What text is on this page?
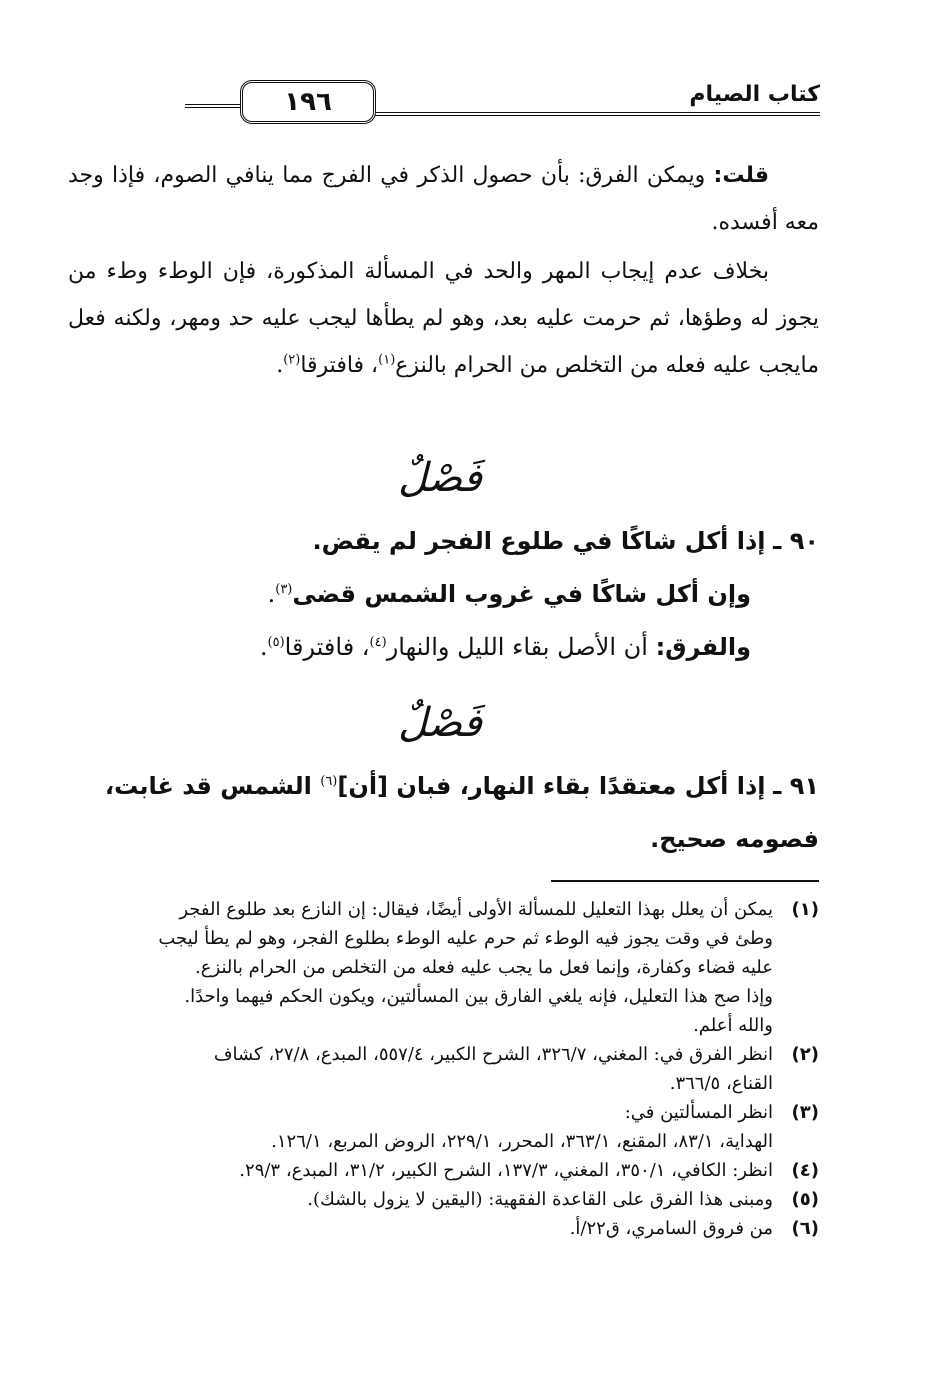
كتاب الصيام
١٩٦
قلت: ويمكن الفرق: بأن حصول الذكر في الفرج مما ينافي الصوم، فإذا وجد معه أفسده.
بخلاف عدم إيجاب المهر والحد في المسألة المذكورة، فإن الوطء وطء من يجوز له وطؤها، ثم حرمت عليه بعد، وهو لم يطأها ليجب عليه حد ومهر، ولكنه فعل مايجب عليه فعله من التخلص من الحرام بالنزع$^{(١)}$، فافترقا$^{(٢)}$.
فَصْلٌ
٩٠ ـ إذا أكل شاكًا في طلوع الفجر لم يقض.
وإن أكل شاكًا في غروب الشمس قضى$^{(٣)}$.
والفرق: أن الأصل بقاء الليل والنهار$^{(٤)}$، فافترقا$^{(٥)}$.
فَصْلٌ
٩١ ـ إذا أكل معتقدًا بقاء النهار، فبان [أن]$^{(٦)}$ الشمس قد غابت، فصومه صحيح.
(١)
يمكن أن يعلل بهذا التعليل للمسألة الأولى أيضًا، فيقال: إن النازع بعد طلوع الفجر
وطئ في وقت يجوز فيه الوطء ثم حرم عليه الوطء بطلوع الفجر، وهو لم يطأ ليجب
عليه قضاء وكفارة، وإنما فعل ما يجب عليه فعله من التخلص من الحرام بالنزع.
وإذا صح هذا التعليل، فإنه يلغي الفارق بين المسألتين، ويكون الحكم فيهما واحدًا.
والله أعلم.
(٢)
انظر الفرق في: المغني، ٣٢٦/٧، الشرح الكبير، ٥٥٧/٤، المبدع، ٢٧/٨، كشاف
القناع، ٣٦٦/٥.
(٣)
انظر المسألتين في:
الهداية، ٨٣/١، المقنع، ٣٦٣/١، المحرر، ٢٢٩/١، الروض المربع، ١٢٦/١.
(٤)
انظر: الكافي، ٣٥٠/١، المغني، ١٣٧/٣، الشرح الكبير، ٣١/٢، المبدع، ٢٩/٣.
(٥)
ومبنى هذا الفرق على القاعدة الفقهية: (اليقين لا يزول بالشك).
(٦)
من فروق السامري، ق٢٢/أ.
